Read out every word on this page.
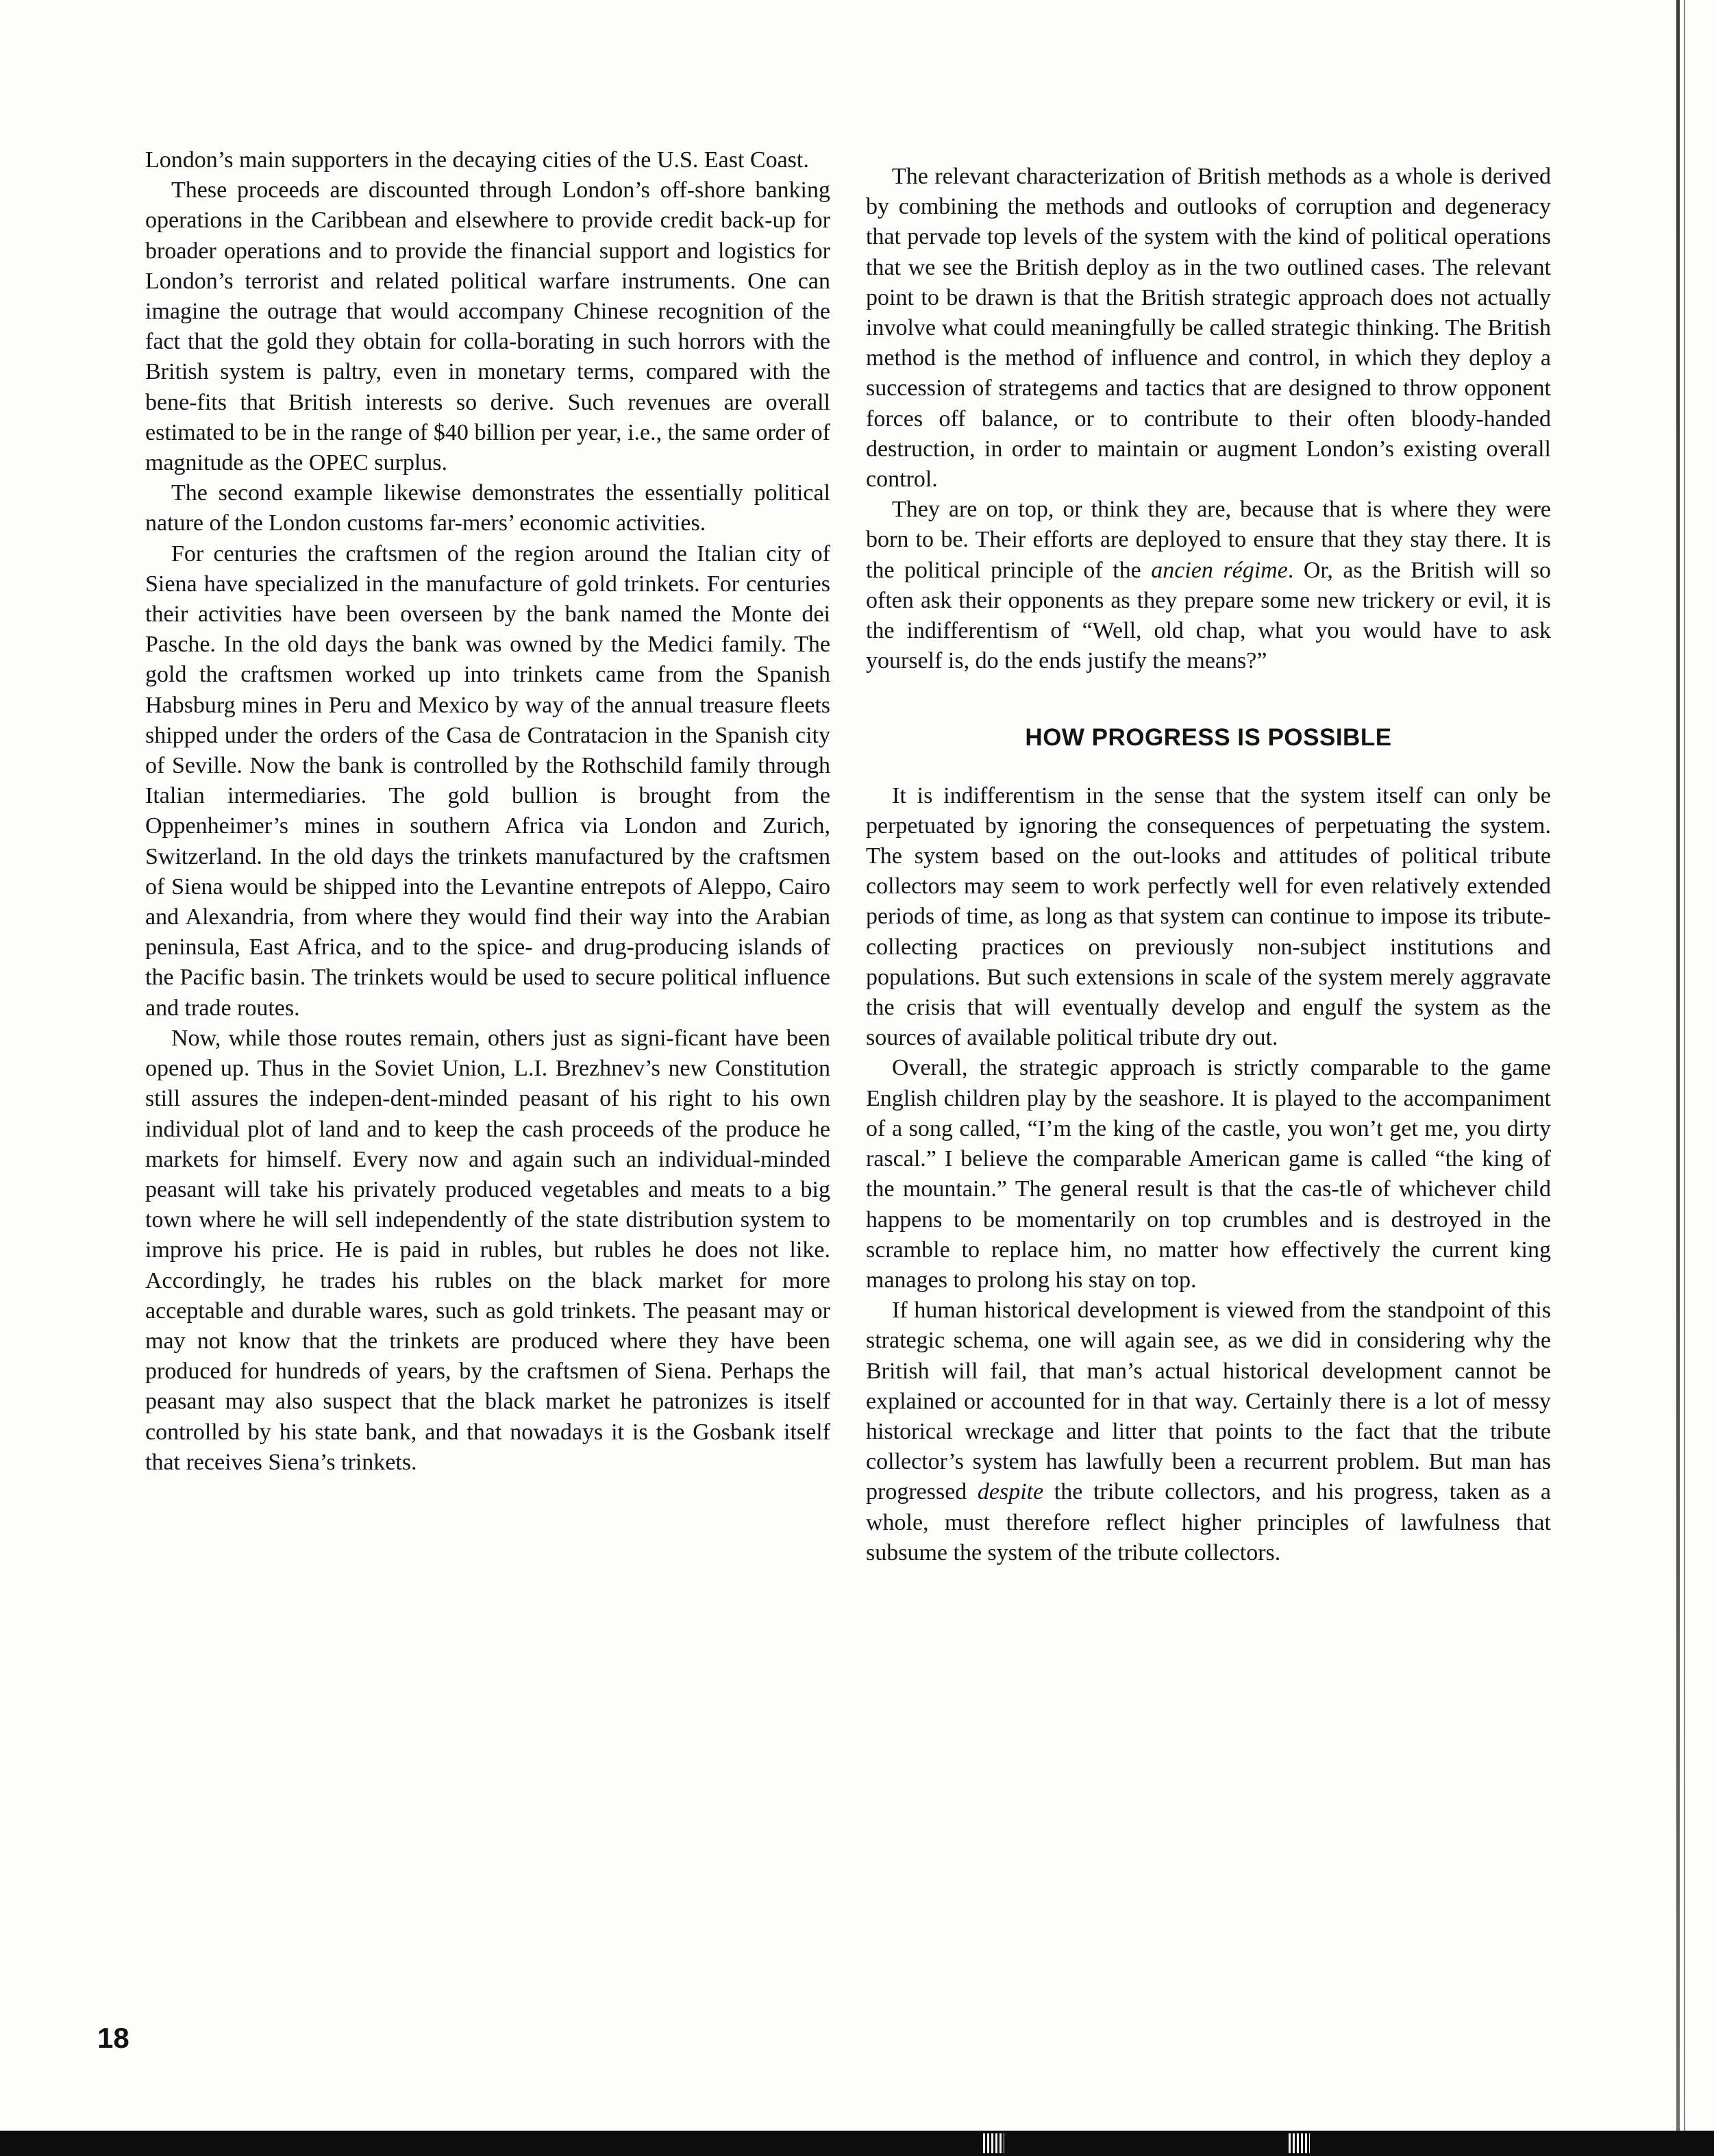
London’s main supporters in the decaying cities of the U.S. East Coast.

These proceeds are discounted through London’s off-shore banking operations in the Caribbean and elsewhere to provide credit back-up for broader operations and to provide the financial support and logistics for London’s terrorist and related political warfare instruments. One can imagine the outrage that would accompany Chinese recognition of the fact that the gold they obtain for colla-borating in such horrors with the British system is paltry, even in monetary terms, compared with the bene-fits that British interests so derive. Such revenues are overall estimated to be in the range of $40 billion per year, i.e., the same order of magnitude as the OPEC surplus.

The second example likewise demonstrates the essentially political nature of the London customs far-mers’ economic activities.

For centuries the craftsmen of the region around the Italian city of Siena have specialized in the manufacture of gold trinkets. For centuries their activities have been overseen by the bank named the Monte dei Pasche. In the old days the bank was owned by the Medici family. The gold the craftsmen worked up into trinkets came from the Spanish Habsburg mines in Peru and Mexico by way of the annual treasure fleets shipped under the orders of the Casa de Contratacion in the Spanish city of Seville. Now the bank is controlled by the Rothschild family through Italian intermediaries. The gold bullion is brought from the Oppenheimer’s mines in southern Africa via London and Zurich, Switzerland. In the old days the trinkets manufactured by the craftsmen of Siena would be shipped into the Levantine entrepots of Aleppo, Cairo and Alexandria, from where they would find their way into the Arabian peninsula, East Africa, and to the spice- and drug-producing islands of the Pacific basin. The trinkets would be used to secure political influence and trade routes.

Now, while those routes remain, others just as signi-ficant have been opened up. Thus in the Soviet Union, L.I. Brezhnev’s new Constitution still assures the indepen-dent-minded peasant of his right to his own individual plot of land and to keep the cash proceeds of the produce he markets for himself. Every now and again such an individual-minded peasant will take his privately produced vegetables and meats to a big town where he will sell independently of the state distribution system to improve his price. He is paid in rubles, but rubles he does not like. Accordingly, he trades his rubles on the black market for more acceptable and durable wares, such as gold trinkets. The peasant may or may not know that the trinkets are produced where they have been produced for hundreds of years, by the craftsmen of Siena. Perhaps the peasant may also suspect that the black market he patronizes is itself controlled by his state bank, and that nowadays it is the Gosbank itself that receives Siena’s trinkets.

The relevant characterization of British methods as a whole is derived by combining the methods and outlooks of corruption and degeneracy that pervade top levels of the system with the kind of political operations that we see the British deploy as in the two outlined cases. The relevant point to be drawn is that the British strategic approach does not actually involve what could meaningfully be called strategic thinking. The British method is the method of influence and control, in which they deploy a succession of strategems and tactics that are designed to throw opponent forces off balance, or to contribute to their often bloody-handed destruction, in order to maintain or augment London’s existing overall control.

They are on top, or think they are, because that is where they were born to be. Their efforts are deployed to ensure that they stay there. It is the political principle of the ancien régime. Or, as the British will so often ask their opponents as they prepare some new trickery or evil, it is the indifferentism of “Well, old chap, what you would have to ask yourself is, do the ends justify the means?”

HOW PROGRESS IS POSSIBLE

It is indifferentism in the sense that the system itself can only be perpetuated by ignoring the consequences of perpetuating the system. The system based on the out-looks and attitudes of political tribute collectors may seem to work perfectly well for even relatively extended periods of time, as long as that system can continue to impose its tribute-collecting practices on previously non-subject institutions and populations. But such extensions in scale of the system merely aggravate the crisis that will eventually develop and engulf the system as the sources of available political tribute dry out.

Overall, the strategic approach is strictly comparable to the game English children play by the seashore. It is played to the accompaniment of a song called, “I’m the king of the castle, you won’t get me, you dirty rascal.” I believe the comparable American game is called “the king of the mountain.” The general result is that the cas-tle of whichever child happens to be momentarily on top crumbles and is destroyed in the scramble to replace him, no matter how effectively the current king manages to prolong his stay on top.

If human historical development is viewed from the standpoint of this strategic schema, one will again see, as we did in considering why the British will fail, that man’s actual historical development cannot be explained or accounted for in that way. Certainly there is a lot of messy historical wreckage and litter that points to the fact that the tribute collector’s system has lawfully been a recurrent problem. But man has progressed despite the tribute collectors, and his progress, taken as a whole, must therefore reflect higher principles of lawfulness that subsume the system of the tribute collectors.

18
